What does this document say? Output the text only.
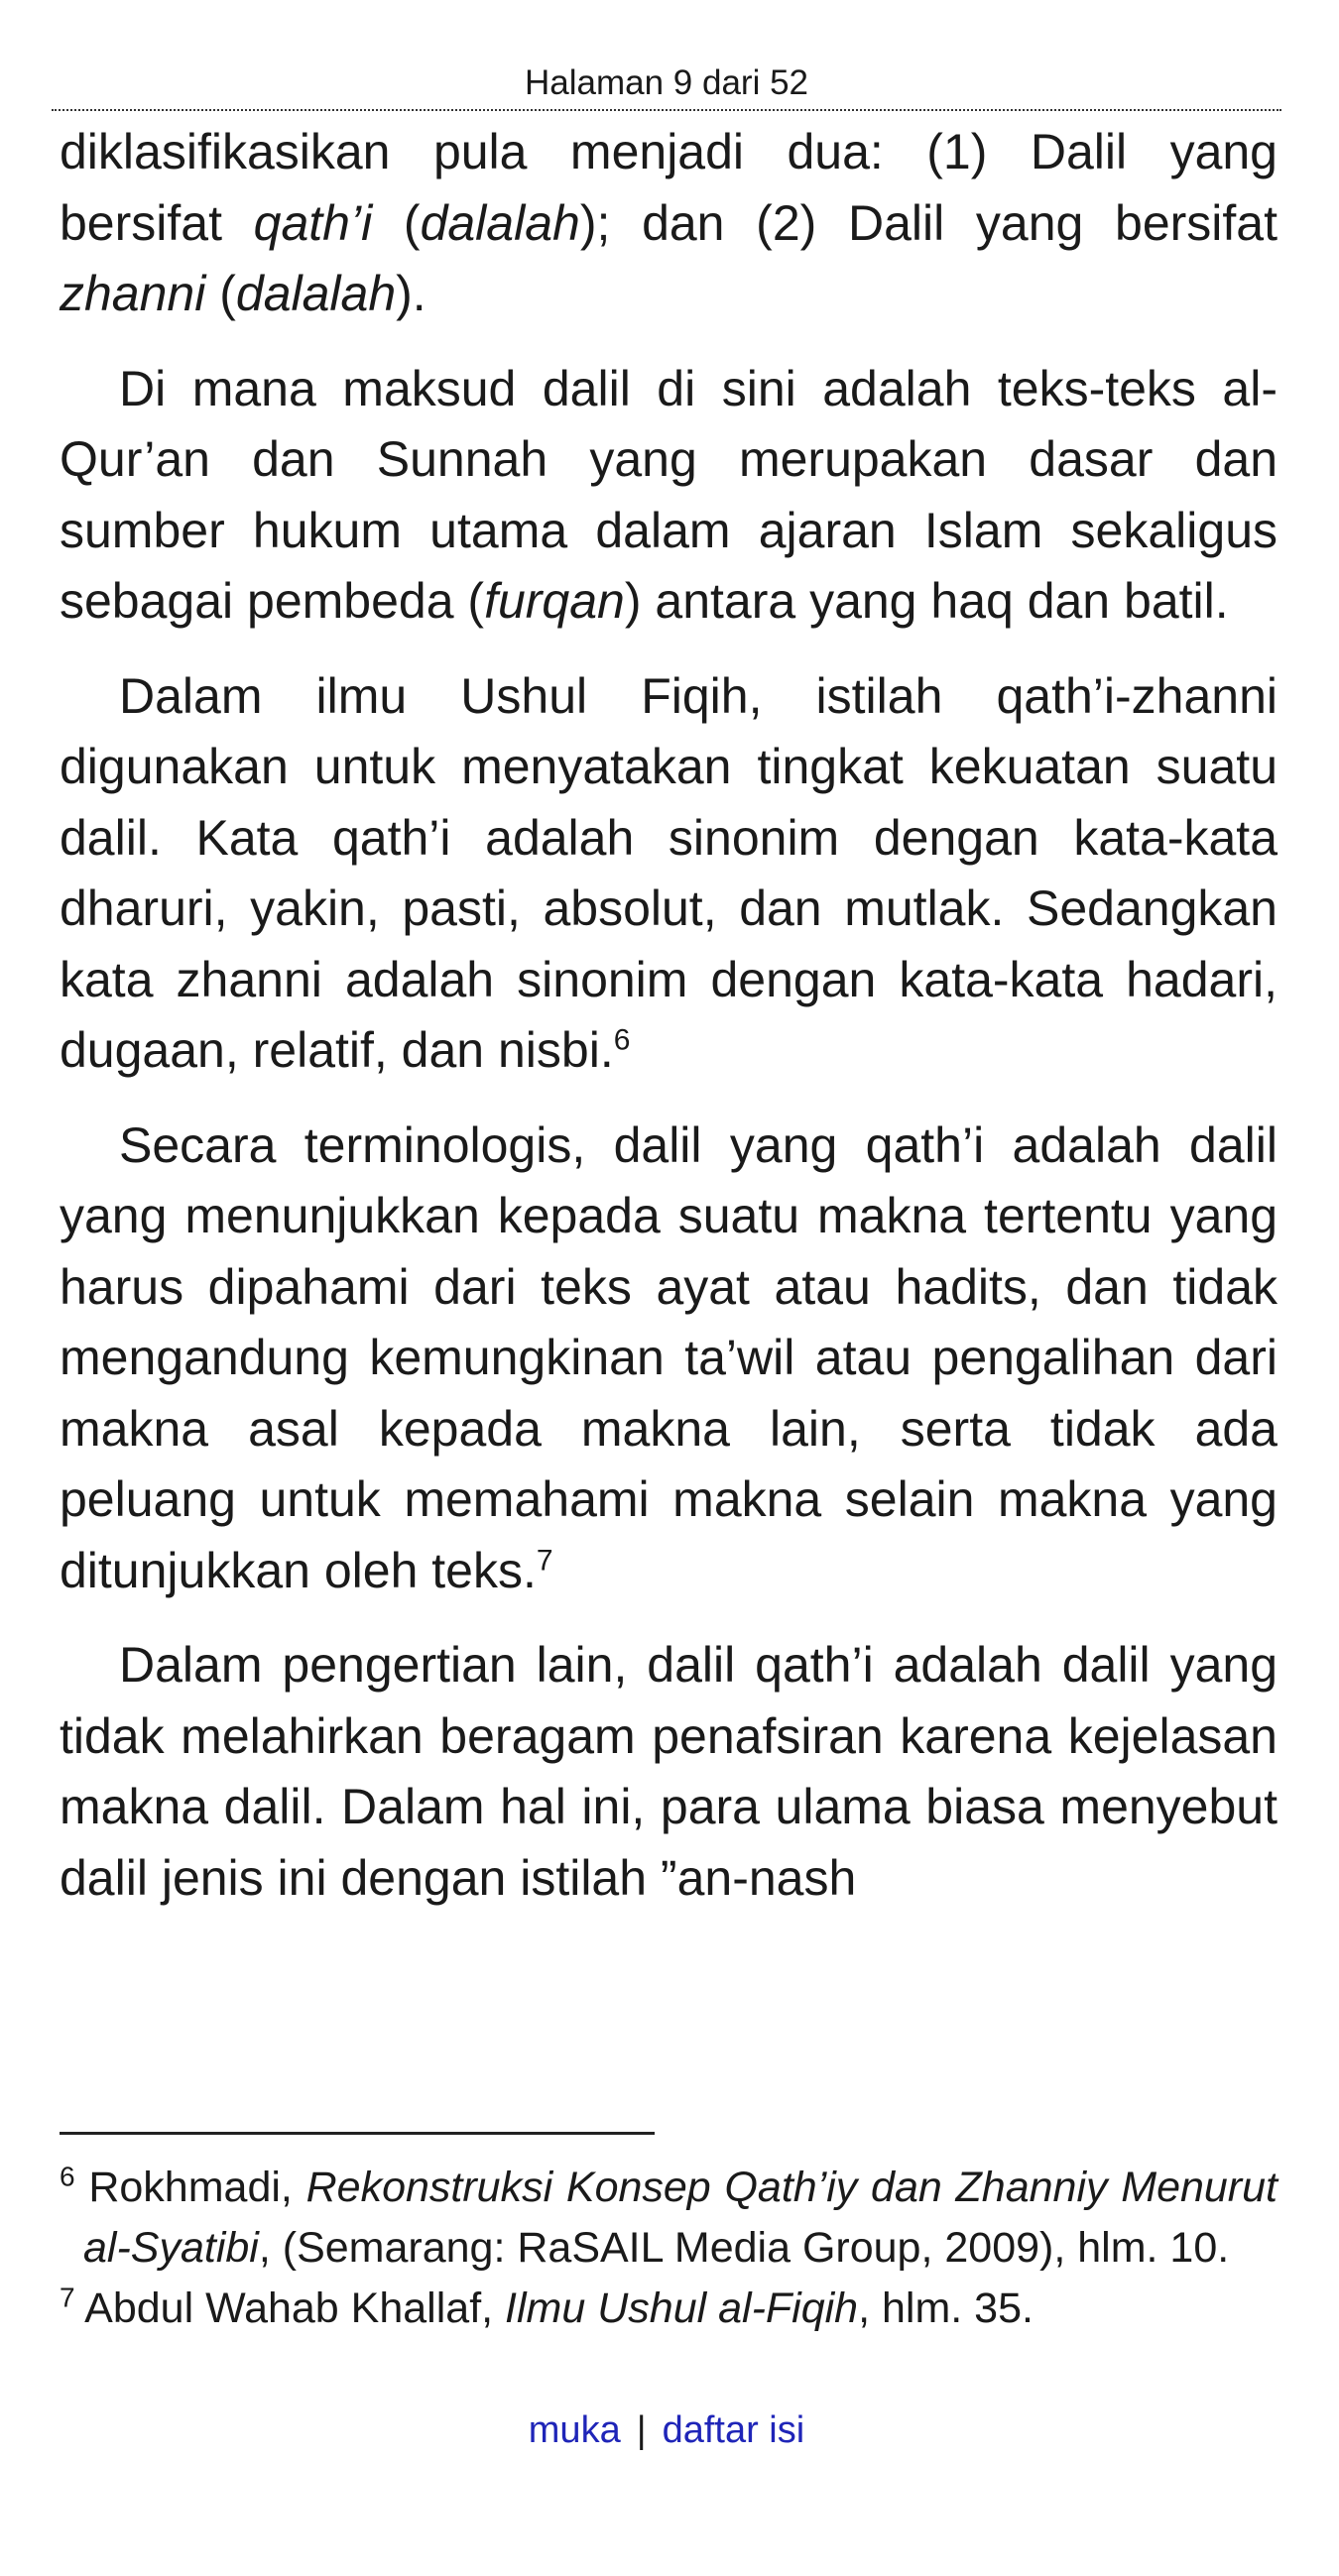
Halaman 9 dari 52

diklasifikasikan pula menjadi dua: (1) Dalil yang bersifat qath’i (dalalah); dan (2) Dalil yang bersifat zhanni (dalalah).

Di mana maksud dalil di sini adalah teks-teks al-Qur’an dan Sunnah yang merupakan dasar dan sumber hukum utama dalam ajaran Islam sekaligus sebagai pembeda (furqan) antara yang haq dan batil.

Dalam ilmu Ushul Fiqih, istilah qath’i-zhanni digunakan untuk menyatakan tingkat kekuatan suatu dalil. Kata qath’i adalah sinonim dengan kata-kata dharuri, yakin, pasti, absolut, dan mutlak. Sedangkan kata zhanni adalah sinonim dengan kata-kata hadari, dugaan, relatif, dan nisbi.$^6$

Secara terminologis, dalil yang qath’i adalah dalil yang menunjukkan kepada suatu makna tertentu yang harus dipahami dari teks ayat atau hadits, dan tidak mengandung kemungkinan ta’wil atau pengalihan dari makna asal kepada makna lain, serta tidak ada peluang untuk memahami makna selain makna yang ditunjukkan oleh teks.$^7$

Dalam pengertian lain, dalil qath’i adalah dalil yang tidak melahirkan beragam penafsiran karena kejelasan makna dalil. Dalam hal ini, para ulama biasa menyebut dalil jenis ini dengan istilah ”an-nash

$^6$ Rokhmadi, Rekonstruksi Konsep Qath’iy dan Zhanniy Menurut al-Syatibi, (Semarang: RaSAIL Media Group, 2009), hlm. 10.
$^7$ Abdul Wahab Khallaf, Ilmu Ushul al-Fiqih, hlm. 35.
muka | daftar isi
